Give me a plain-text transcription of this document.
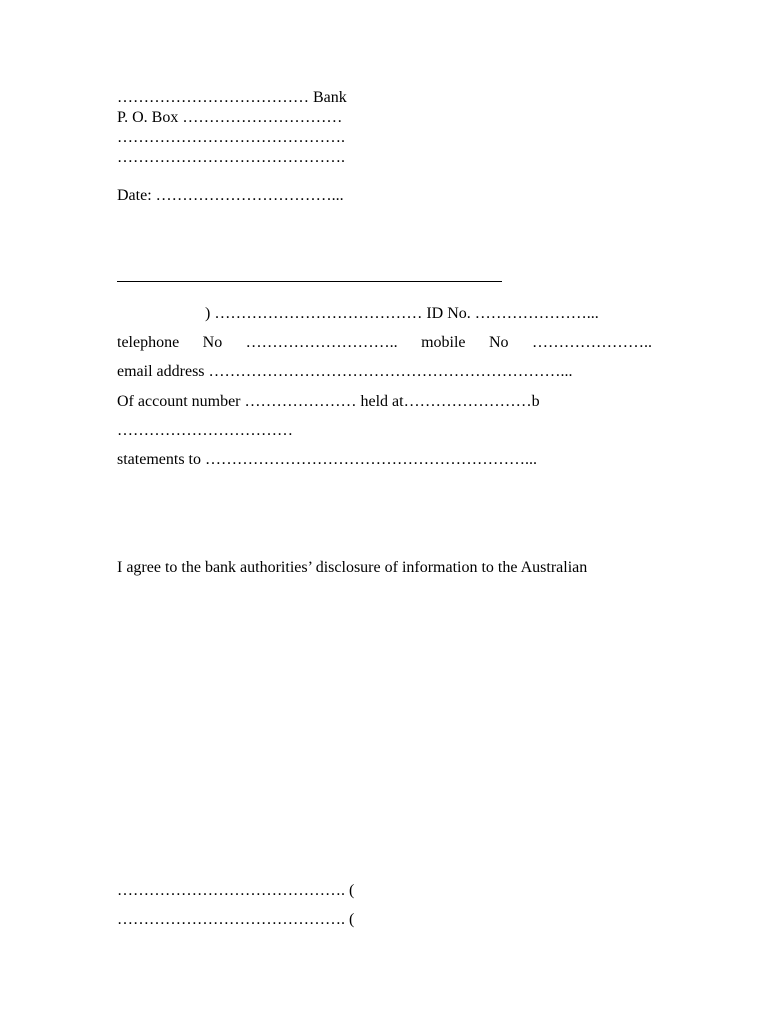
……………………………… Bank
P. O. Box …………………………
…………………………………….
…………………………………….
Date: ……………………………...
) ………………………………… ID No. …………………...
telephone No ……………………….. mobile No …………………..
email address …………………………………………………………...
Of account number ………………… held at……………………b
……………………………
statements to ……………………………………………………...
I agree to the bank authorities’ disclosure of information to the Australian
……………………………………. (
……………………………………. (
